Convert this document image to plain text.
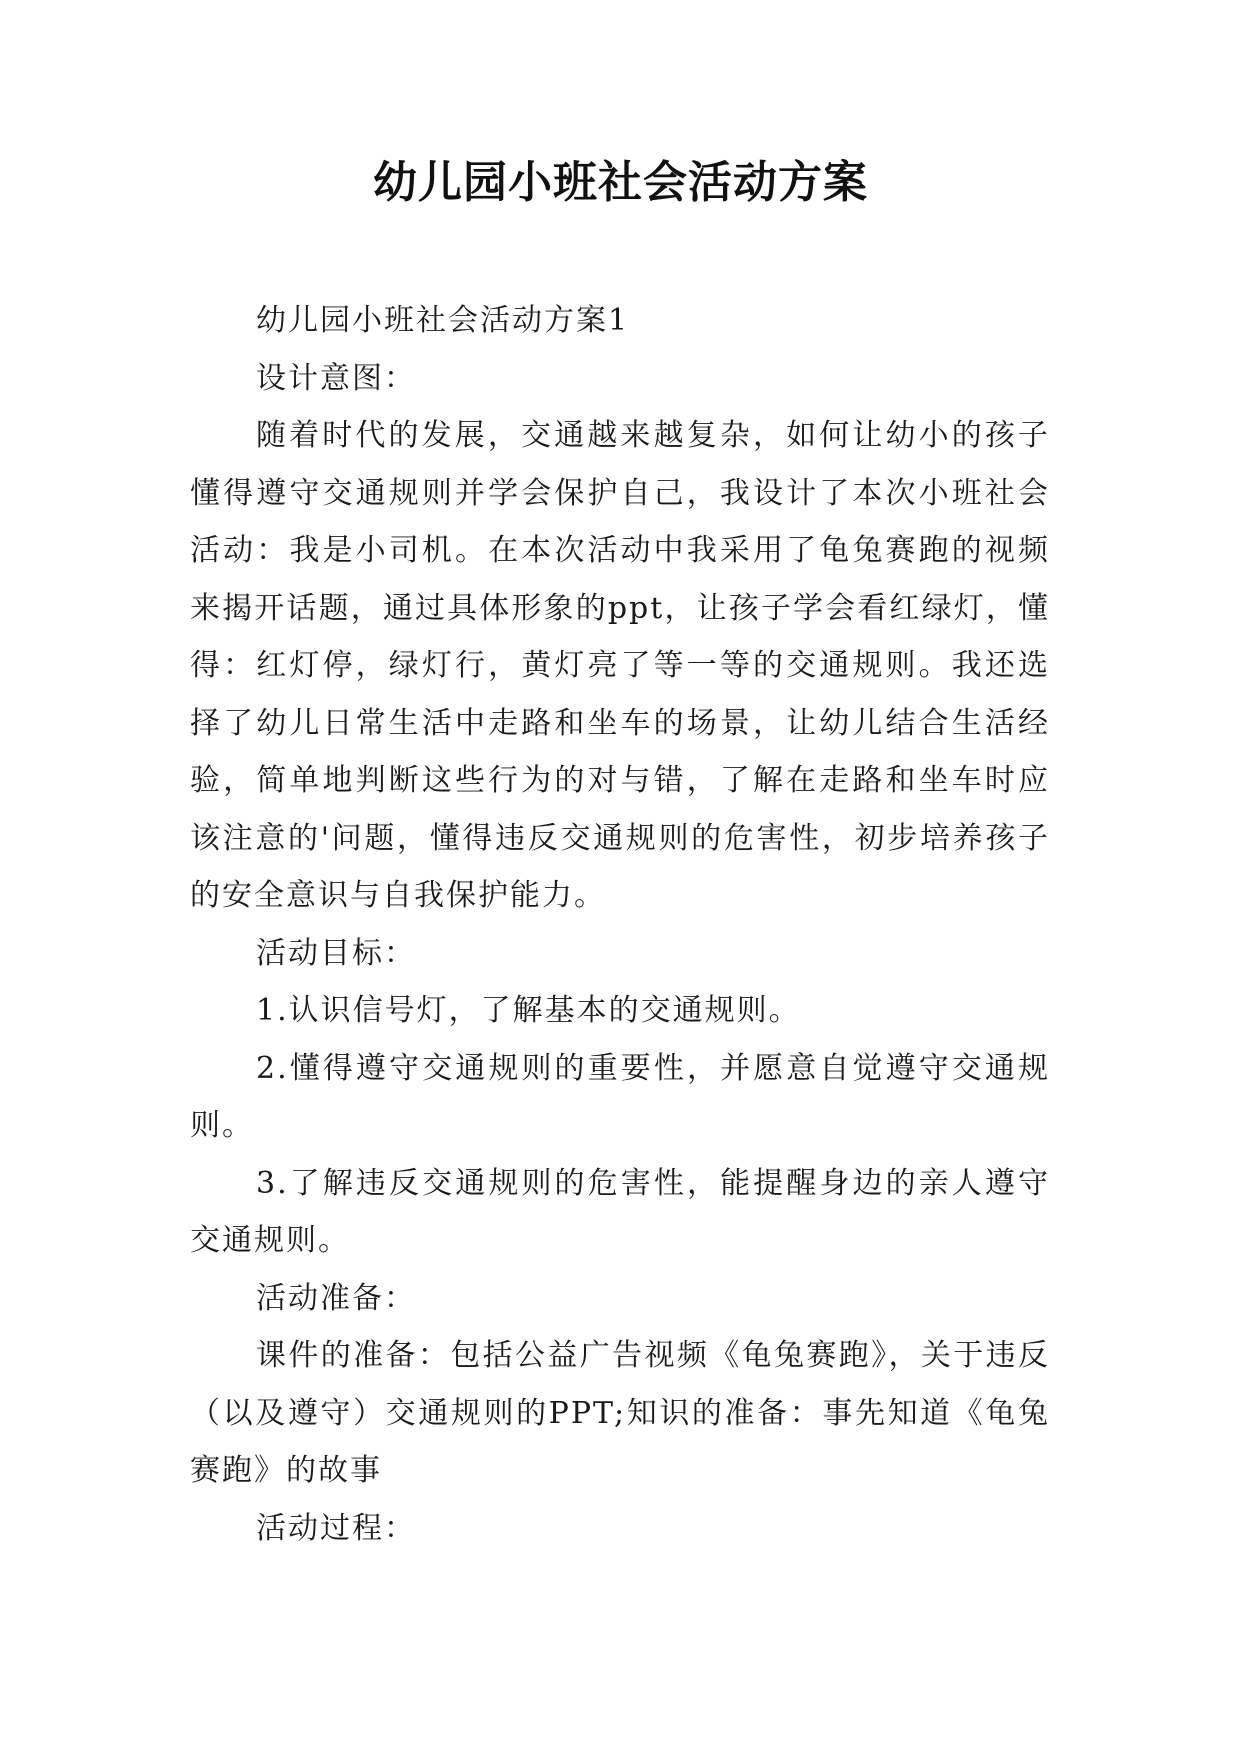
幼儿园小班社会活动方案

幼儿园小班社会活动方案1

设计意图：

随着时代的发展，交通越来越复杂，如何让幼小的孩子懂得遵守交通规则并学会保护自己，我设计了本次小班社会活动：我是小司机。在本次活动中我采用了龟兔赛跑的视频来揭开话题，通过具体形象的ppt，让孩子学会看红绿灯，懂得：红灯停，绿灯行，黄灯亮了等一等的交通规则。我还选择了幼儿日常生活中走路和坐车的场景，让幼儿结合生活经验，简单地判断这些行为的对与错，了解在走路和坐车时应该注意的'问题，懂得违反交通规则的危害性，初步培养孩子的安全意识与自我保护能力。

活动目标：

1.认识信号灯，了解基本的交通规则。

2.懂得遵守交通规则的重要性，并愿意自觉遵守交通规则。

3.了解违反交通规则的危害性，能提醒身边的亲人遵守交通规则。

活动准备：

课件的准备：包括公益广告视频《龟兔赛跑》，关于违反（以及遵守）交通规则的PPT;知识的准备：事先知道《龟兔赛跑》的故事

活动过程：
